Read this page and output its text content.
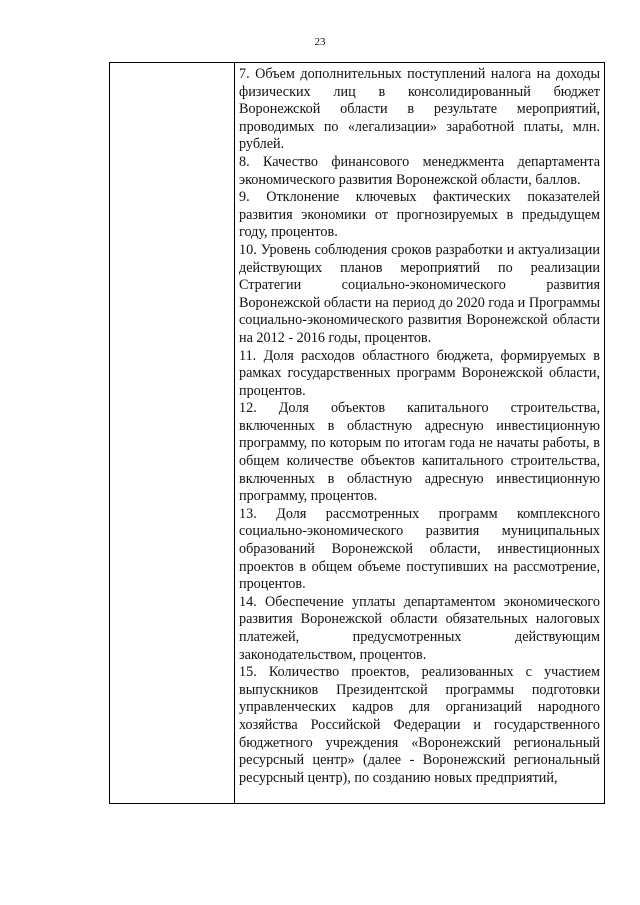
23

7. Объем дополнительных поступлений налога на доходы физических лиц в консолидированный бюджет Воронежской области в результате мероприятий, проводимых по «легализации» заработной платы, млн. рублей.

8. Качество финансового менеджмента департамента экономического развития Воронежской области, баллов.

9. Отклонение ключевых фактических показателей развития экономики от прогнозируемых в предыдущем году, процентов.

10. Уровень соблюдения сроков разработки и актуализации действующих планов мероприятий по реализации Стратегии социально-экономического развития Воронежской области на период до 2020 года и Программы социально-экономического развития Воронежской области на 2012 - 2016 годы, процентов.

11. Доля расходов областного бюджета, формируемых в рамках государственных программ Воронежской области, процентов.

12. Доля объектов капитального строительства, включенных в областную адресную инвестиционную программу, по которым по итогам года не начаты работы, в общем количестве объектов капитального строительства, включенных в областную адресную инвестиционную программу, процентов.

13. Доля рассмотренных программ комплексного социально-экономического развития муниципальных образований Воронежской области, инвестиционных проектов в общем объеме поступивших на рассмотрение, процентов.

14. Обеспечение уплаты департаментом экономического развития Воронежской области обязательных налоговых платежей, предусмотренных действующим законодательством, процентов.

15. Количество проектов, реализованных с участием выпускников Президентской программы подготовки управленческих кадров для организаций народного хозяйства Российской Федерации и государственного бюджетного учреждения «Воронежский региональный ресурсный центр» (далее - Воронежский региональный ресурсный центр), по созданию новых предприятий,
